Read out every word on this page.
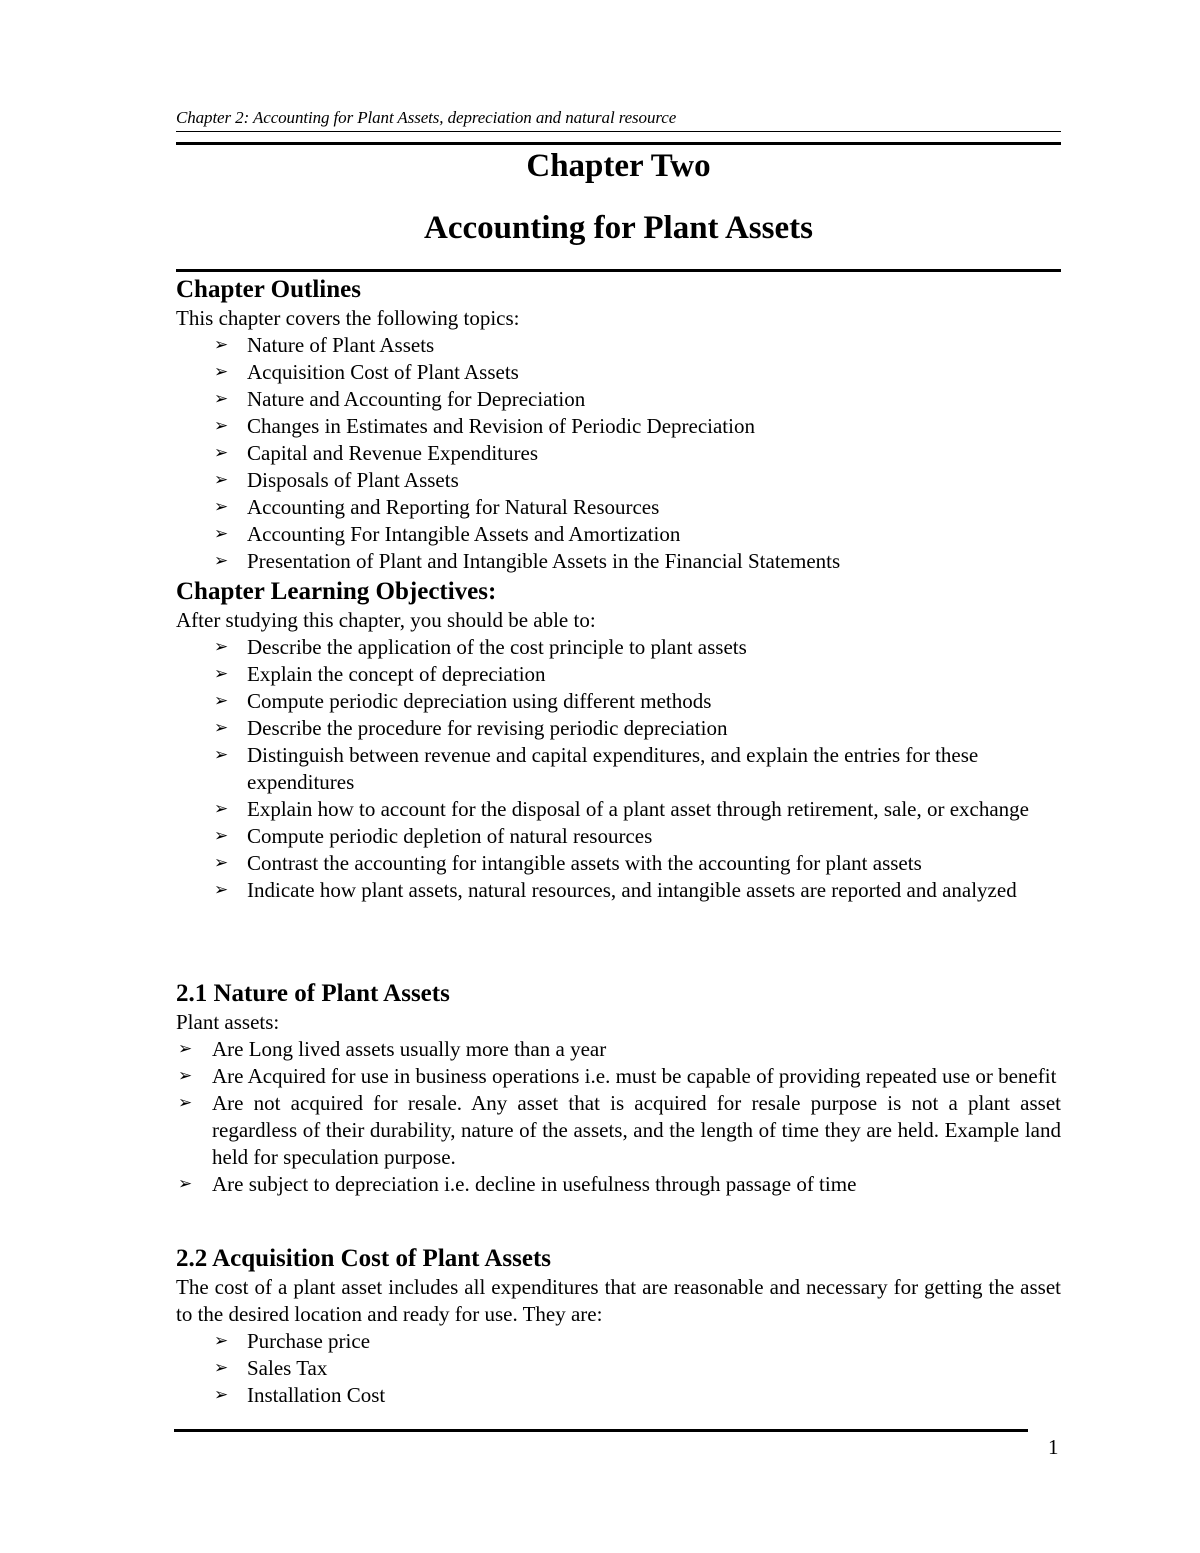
Chapter 2: Accounting for Plant Assets, depreciation and natural resource
Chapter Two
Accounting for Plant Assets
Chapter Outlines
This chapter covers the following topics:
➢ Nature of Plant Assets
➢ Acquisition Cost of Plant Assets
➢ Nature and Accounting for Depreciation
➢ Changes in Estimates and Revision of Periodic Depreciation
➢ Capital and Revenue Expenditures
➢ Disposals of Plant Assets
➢ Accounting and Reporting for Natural Resources
➢ Accounting For Intangible Assets and Amortization
➢ Presentation of Plant and Intangible Assets in the Financial Statements
Chapter Learning Objectives:
After studying this chapter, you should be able to:
➢ Describe the application of the cost principle to plant assets
➢ Explain the concept of depreciation
➢ Compute periodic depreciation using different methods
➢ Describe the procedure for revising periodic depreciation
➢ Distinguish between revenue and capital expenditures, and explain the entries for these expenditures
➢ Explain how to account for the disposal of a plant asset through retirement, sale, or exchange
➢ Compute periodic depletion of natural resources
➢ Contrast the accounting for intangible assets with the accounting for plant assets
➢ Indicate how plant assets, natural resources, and intangible assets are reported and analyzed
2.1 Nature of Plant Assets
Plant assets:
➢ Are Long lived assets usually more than a year
➢ Are Acquired for use in business operations i.e. must be capable of providing repeated use or benefit
➢ Are not acquired for resale. Any asset that is acquired for resale purpose is not a plant asset regardless of their durability, nature of the assets, and the length of time they are held. Example land held for speculation purpose.
➢ Are subject to depreciation i.e. decline in usefulness through passage of time
2.2 Acquisition Cost of Plant Assets
The cost of a plant asset includes all expenditures that are reasonable and necessary for getting the asset to the desired location and ready for use. They are:
➢ Purchase price
➢ Sales Tax
➢ Installation Cost
1
